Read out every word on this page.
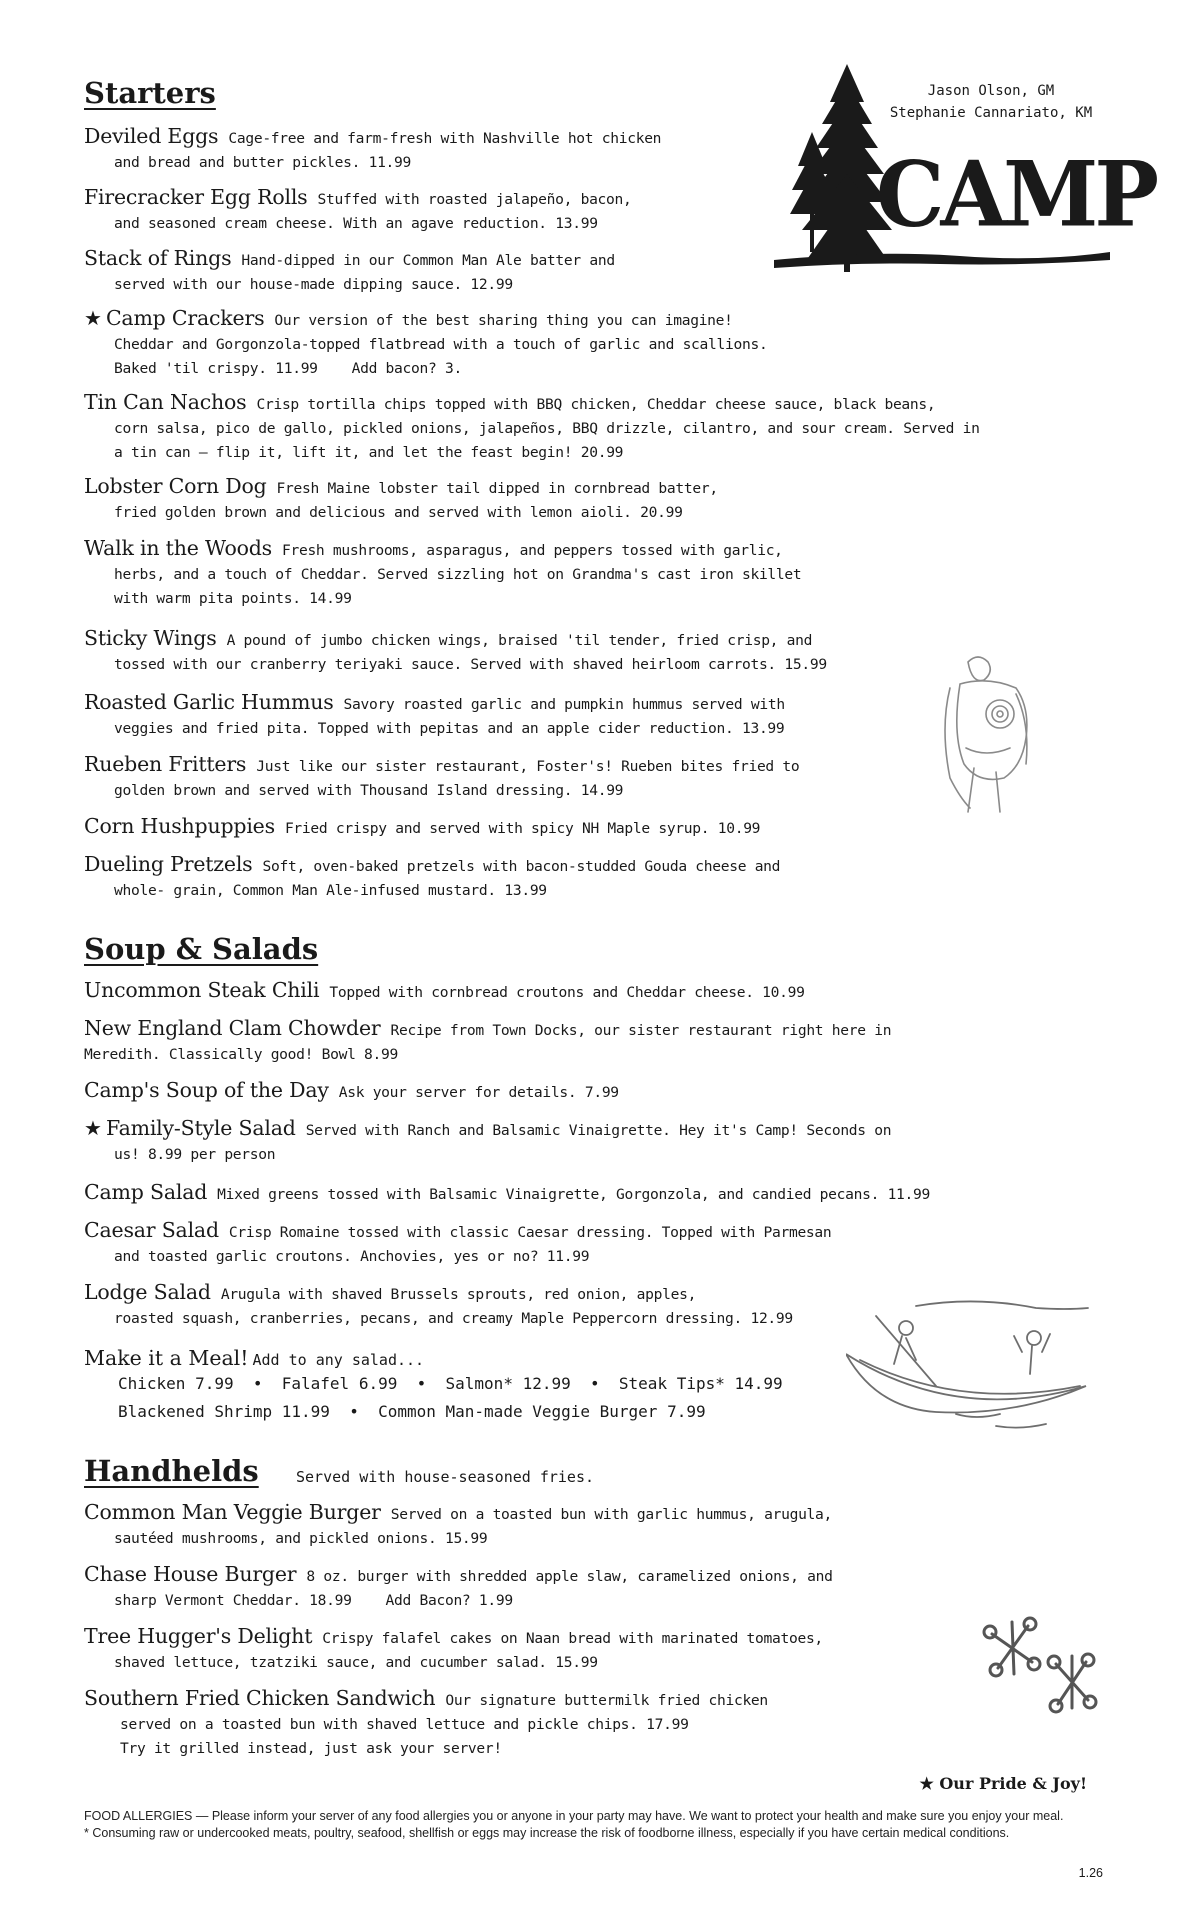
CAMP
Jason Olson, GM
Stephanie Cannariato, KM
Starters
Deviled Eggs Cage-free and farm-fresh with Nashville hot chicken
and bread and butter pickles. 11.99
Firecracker Egg Rolls Stuffed with roasted jalapeño, bacon,
and seasoned cream cheese. With an agave reduction. 13.99
Stack of Rings Hand-dipped in our Common Man Ale batter and
served with our house-made dipping sauce. 12.99
★ Camp Crackers Our version of the best sharing thing you can imagine!
Cheddar and Gorgonzola-topped flatbread with a touch of garlic and scallions.
Baked 'til crispy. 11.99    Add bacon? 3.
Tin Can Nachos Crisp tortilla chips topped with BBQ chicken, Cheddar cheese sauce, black beans,
corn salsa, pico de gallo, pickled onions, jalapeños, BBQ drizzle, cilantro, and sour cream. Served in
a tin can — flip it, lift it, and let the feast begin! 20.99
Lobster Corn Dog Fresh Maine lobster tail dipped in cornbread batter,
fried golden brown and delicious and served with lemon aioli. 20.99
Walk in the Woods Fresh mushrooms, asparagus, and peppers tossed with garlic,
herbs, and a touch of Cheddar. Served sizzling hot on Grandma's cast iron skillet
with warm pita points. 14.99
Sticky Wings A pound of jumbo chicken wings, braised 'til tender, fried crisp, and
tossed with our cranberry teriyaki sauce. Served with shaved heirloom carrots. 15.99
Roasted Garlic Hummus Savory roasted garlic and pumpkin hummus served with
veggies and fried pita. Topped with pepitas and an apple cider reduction. 13.99
Rueben Fritters Just like our sister restaurant, Foster's! Rueben bites fried to
golden brown and served with Thousand Island dressing. 14.99
Corn Hushpuppies Fried crispy and served with spicy NH Maple syrup. 10.99
Dueling Pretzels Soft, oven-baked pretzels with bacon-studded Gouda cheese and
whole- grain, Common Man Ale-infused mustard. 13.99
Soup & Salads
Uncommon Steak Chili Topped with cornbread croutons and Cheddar cheese. 10.99
New England Clam Chowder Recipe from Town Docks, our sister restaurant right here in
Meredith. Classically good! Bowl 8.99
Camp's Soup of the Day Ask your server for details. 7.99
★ Family-Style Salad Served with Ranch and Balsamic Vinaigrette. Hey it's Camp! Seconds on
us! 8.99 per person
Camp Salad Mixed greens tossed with Balsamic Vinaigrette, Gorgonzola, and candied pecans. 11.99
Caesar Salad Crisp Romaine tossed with classic Caesar dressing. Topped with Parmesan
and toasted garlic croutons. Anchovies, yes or no? 11.99
Lodge Salad Arugula with shaved Brussels sprouts, red onion, apples,
roasted squash, cranberries, pecans, and creamy Maple Peppercorn dressing. 12.99
Make it a Meal! Add to any salad...
Chicken 7.99  •  Falafel 6.99  •  Salmon* 12.99  •  Steak Tips* 14.99
Blackened Shrimp 11.99  •  Common Man-made Veggie Burger 7.99
Handhelds Served with house-seasoned fries.
Common Man Veggie Burger Served on a toasted bun with garlic hummus, arugula,
sautéed mushrooms, and pickled onions. 15.99
Chase House Burger 8 oz. burger with shredded apple slaw, caramelized onions, and
sharp Vermont Cheddar. 18.99    Add Bacon? 1.99
Tree Hugger's Delight Crispy falafel cakes on Naan bread with marinated tomatoes,
shaved lettuce, tzatziki sauce, and cucumber salad. 15.99
Southern Fried Chicken Sandwich Our signature buttermilk fried chicken
served on a toasted bun with shaved lettuce and pickle chips. 17.99
Try it grilled instead, just ask your server!
★ Our Pride & Joy!
FOOD ALLERGIES — Please inform your server of any food allergies you or anyone in your party may have. We want to protect your health and make sure you enjoy your meal.
* Consuming raw or undercooked meats, poultry, seafood, shellfish or eggs may increase the risk of foodborne illness, especially if you have certain medical conditions.
1.26
